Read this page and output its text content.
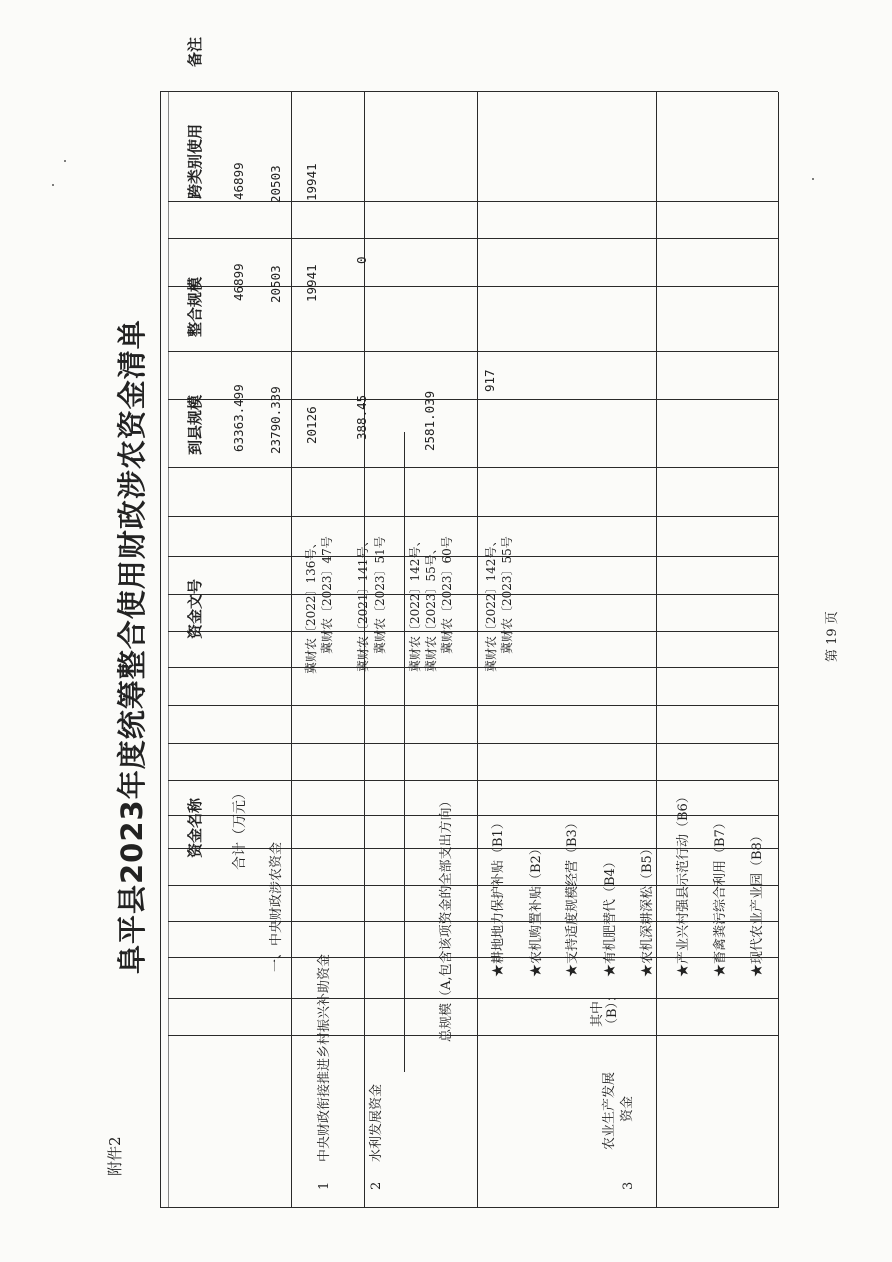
附件2
阜平县2023年度统筹整合使用财政涉农资金清单 资金名称
资金文号
到县规模
整合规模
跨类别使用
备注
合计（万元）
63363.499
46899
46899
一、中央财政涉农资金
23790.339
20503
20503
1
中央财政衔接推进乡村振兴补助资金
冀财农〔2022〕136号、 冀财农〔2023〕47号
20126
19941
19941
2
水利发展资金
冀财农〔2021〕141号、 冀财农〔2023〕51号
388.45
0
3
农业生产发展 资金
总规模（A,包含该项资金的全部支出方向）
冀财农〔2022〕142号、 冀财农〔2023〕55号、 冀财农〔2023〕60号
2581.039
其中（B）：
★耕地地力保护补贴（B1）
冀财农〔2022〕142号、 冀财农〔2023〕55号
917
★农机购置补贴（B2） ★支持适度规模经营（B3） ★有机肥替代（B4） ★农机深耕深松（B5） ★产业兴村强县示范行动（B6） ★畜禽粪污综合利用（B7） ★现代农业产业园（B8）
第 19 页
